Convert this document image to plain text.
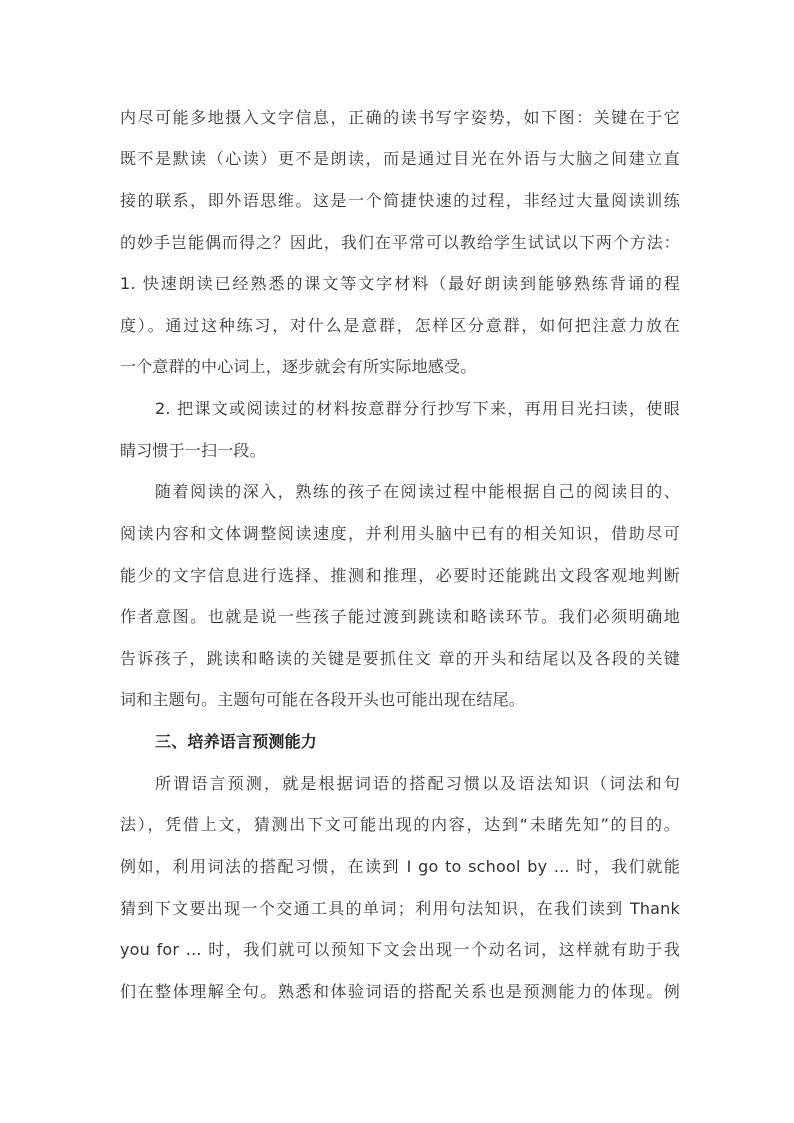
内尽可能多地摄入文字信息，正确的读书写字姿势，如下图：关键在于它
既不是默读（心读）更不是朗读，而是通过目光在外语与大脑之间建立直
接的联系，即外语思维。这是一个简捷快速的过程，非经过大量阅读训练
的妙手岂能偶而得之？因此，我们在平常可以教给学生试试以下两个方法：
1. 快速朗读已经熟悉的课文等文字材料（最好朗读到能够熟练背诵的程
度）。通过这种练习，对什么是意群，怎样区分意群，如何把注意力放在
一个意群的中心词上，逐步就会有所实际地感受。
2. 把课文或阅读过的材料按意群分行抄写下来，再用目光扫读，使眼
睛习惯于一扫一段。
随着阅读的深入，熟练的孩子在阅读过程中能根据自己的阅读目的、
阅读内容和文体调整阅读速度，并利用头脑中已有的相关知识，借助尽可
能少的文字信息进行选择、推测和推理，必要时还能跳出文段客观地判断
作者意图。也就是说一些孩子能过渡到跳读和略读环节。我们必须明确地
告诉孩子，跳读和略读的关键是要抓住文 章的开头和结尾以及各段的关键
词和主题句。主题句可能在各段开头也可能出现在结尾。
三、培养语言预测能力
所谓语言预测，就是根据词语的搭配习惯以及语法知识（词法和句
法），凭借上文，猜测出下文可能出现的内容，达到“未睹先知”的目的。
例如，利用词法的搭配习惯，在读到 I go to school by ... 时，我们就能
猜到下文要出现一个交通工具的单词；利用句法知识，在我们读到 Thank
you for ... 时，我们就可以预知下文会出现一个动名词，这样就有助于我
们在整体理解全句。熟悉和体验词语的搭配关系也是预测能力的体现。例
